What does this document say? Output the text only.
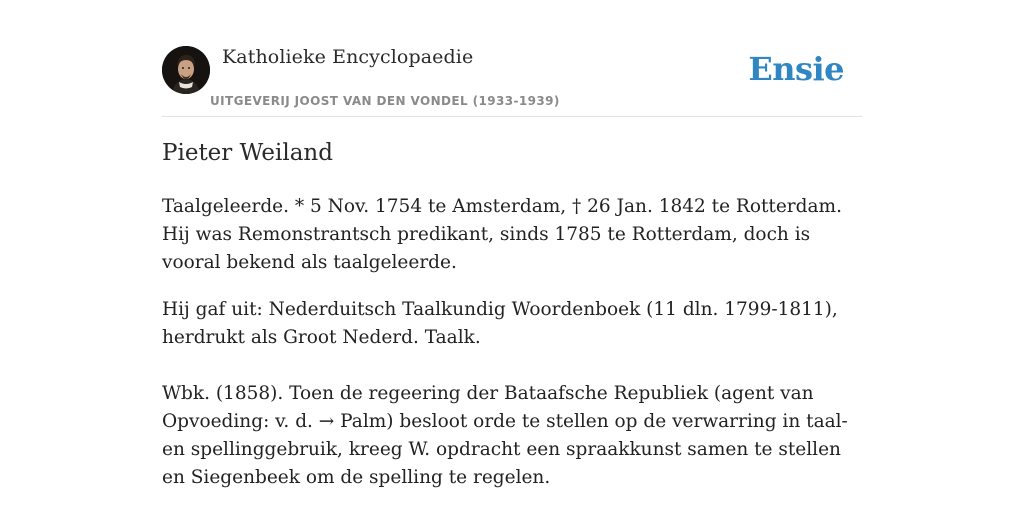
Katholieke Encyclopaedie
UITGEVERIJ JOOST VAN DEN VONDEL (1933-1939)
Ensie
Pieter Weiland

Taalgeleerde. * 5 Nov. 1754 te Amsterdam, † 26 Jan. 1842 te Rotterdam. Hij was Remonstrantsch predikant, sinds 1785 te Rotterdam, doch is vooral bekend als taalgeleerde.

Hij gaf uit: Nederduitsch Taalkundig Woordenboek (11 dln. 1799-1811), herdrukt als Groot Nederd. Taalk.

Wbk. (1858). Toen de regeering der Bataafsche Republiek (agent van Opvoeding: v. d. → Palm) besloot orde te stellen op de verwarring in taal- en spellinggebruik, kreeg W. opdracht een spraakkunst samen te stellen en Siegenbeek om de spelling te regelen.
